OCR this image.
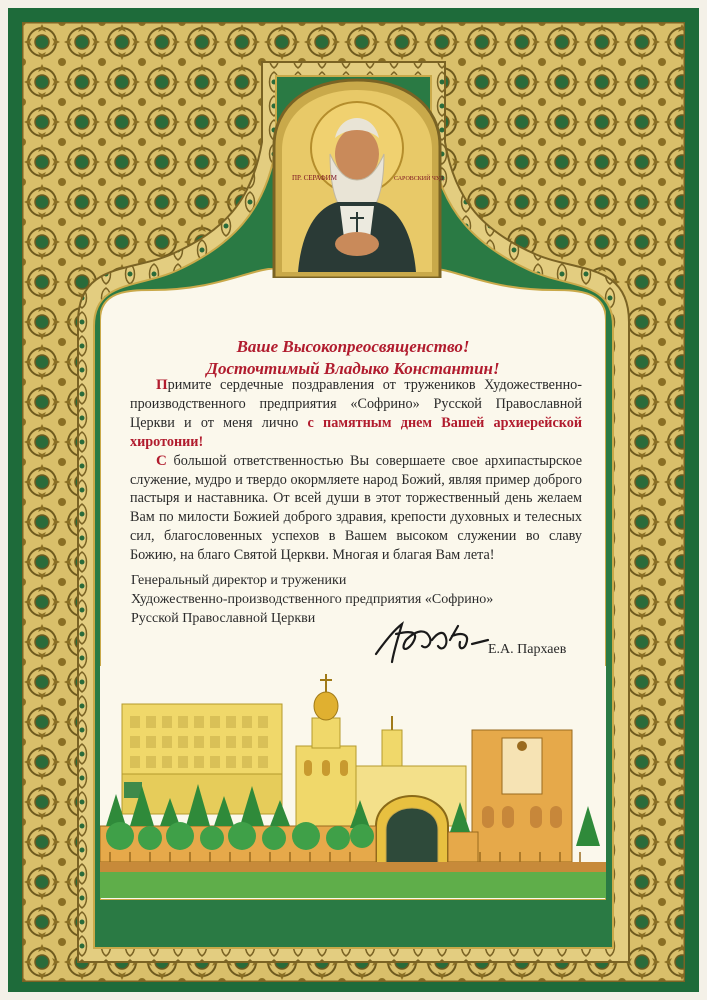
ПР. СЕРАФИМ	САРОВСКИЙ ЧУД.
Ваше Высокопреосвященство!
Досточтимый Владыко Константин!

Примите сердечные поздравления от тружеников Художественно-производственного предприятия «Софрино» Русской Православной Церкви и от меня лично с памятным днем Вашей архиерейской хиротонии!

С большой ответственностью Вы совершаете свое архипастырское служение, мудро и твердо окормляете народ Божий, являя пример доброго пастыря и наставника. От всей души в этот торжественный день желаем Вам по милости Божией доброго здравия, крепости духовных и телесных сил, благословенных успехов в Вашем высоком служении во славу Божию, на благо Святой Церкви. Многая и благая Вам лета!

Генеральный директор и труженики
Художественно-производственного предприятия «Софрино»
Русской Православной Церкви
Е.А. Пархаев
